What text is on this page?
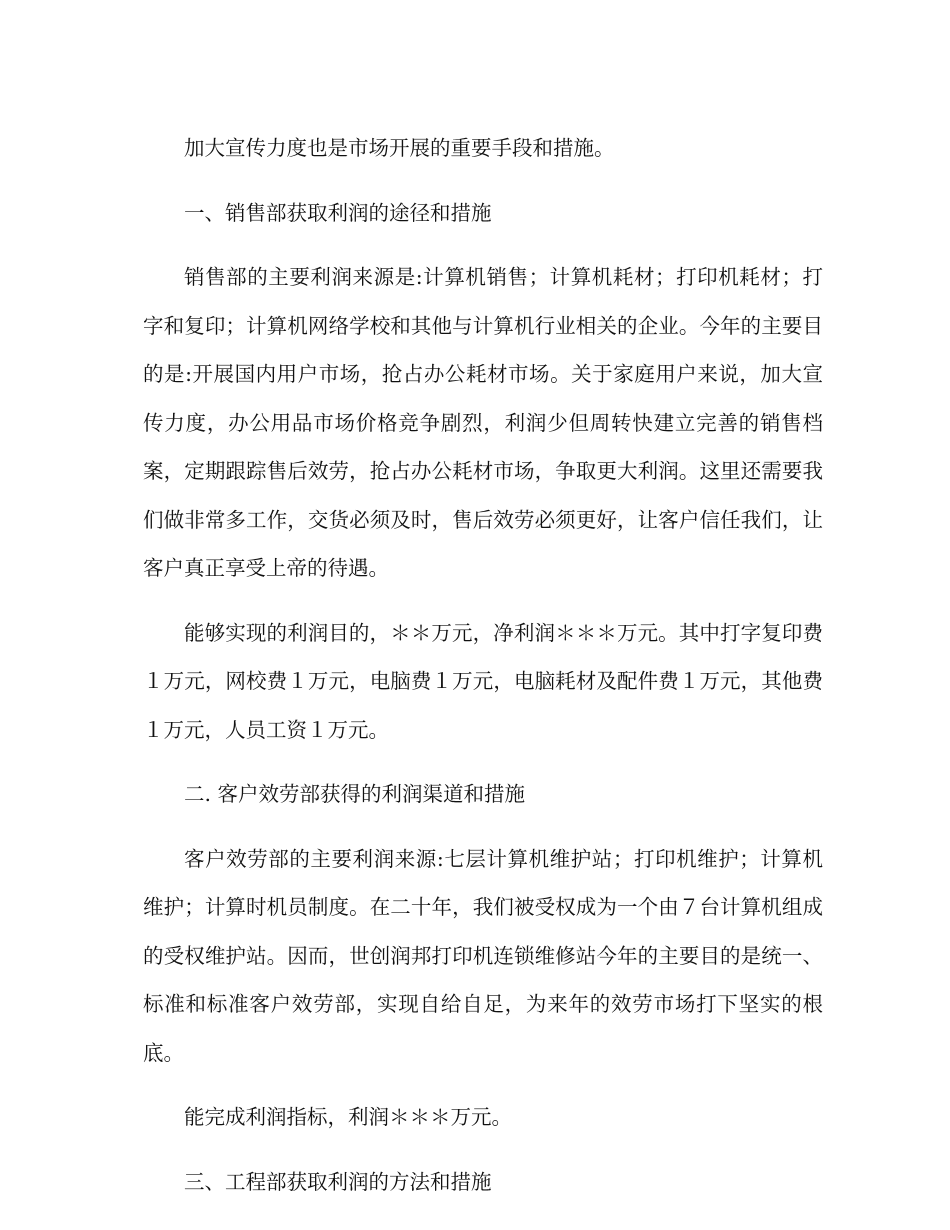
加大宣传力度也是市场开展的重要手段和措施。

一、销售部获取利润的途径和措施

销售部的主要利润来源是:计算机销售；计算机耗材；打印机耗材；打字和复印；计算机网络学校和其他与计算机行业相关的企业。今年的主要目的是:开展国内用户市场，抢占办公耗材市场。关于家庭用户来说，加大宣传力度，办公用品市场价格竞争剧烈，利润少但周转快建立完善的销售档案，定期跟踪售后效劳，抢占办公耗材市场，争取更大利润。这里还需要我们做非常多工作，交货必须及时，售后效劳必须更好，让客户信任我们，让客户真正享受上帝的待遇。

能够实现的利润目的，＊＊万元，净利润＊＊＊万元。其中打字复印费１万元，网校费１万元，电脑费１万元，电脑耗材及配件费１万元，其他费１万元，人员工资１万元。

二. 客户效劳部获得的利润渠道和措施

客户效劳部的主要利润来源:七层计算机维护站；打印机维护；计算机维护；计算时机员制度。在二十年，我们被受权成为一个由７台计算机组成的受权维护站。因而，世创润邦打印机连锁维修站今年的主要目的是统一、标准和标准客户效劳部，实现自给自足，为来年的效劳市场打下坚实的根底。

能完成利润指标，利润＊＊＊万元。

三、工程部获取利润的方法和措施
